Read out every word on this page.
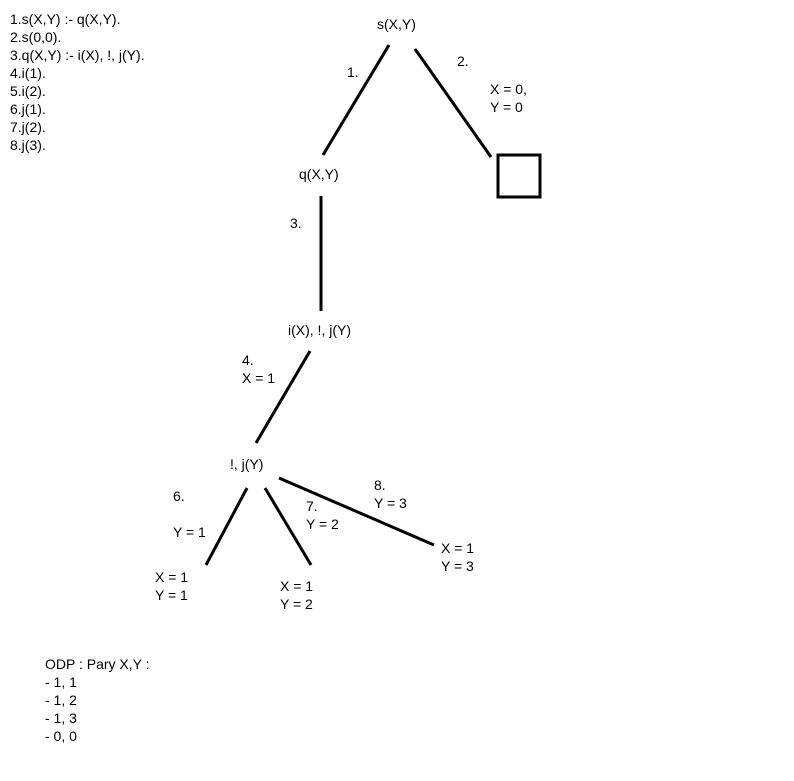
1.s(X,Y) :- q(X,Y).
2.s(0,0).
3.q(X,Y) :- i(X), !, j(Y).
4.i(1).
5.i(2).
6.j(1).
7.j(2).
8.j(3).
s(X,Y)
q(X,Y)
i(X), !, j(Y)
!, j(Y)
X = 1
Y = 1
X = 1
Y = 2
X = 1
Y = 3
1.
2.
X = 0,
Y = 0
3.
4.
X = 1
6.
Y = 1
7.
Y = 2
8.
Y = 3
ODP : Pary X,Y :
- 1, 1
- 1, 2
- 1, 3
- 0, 0
